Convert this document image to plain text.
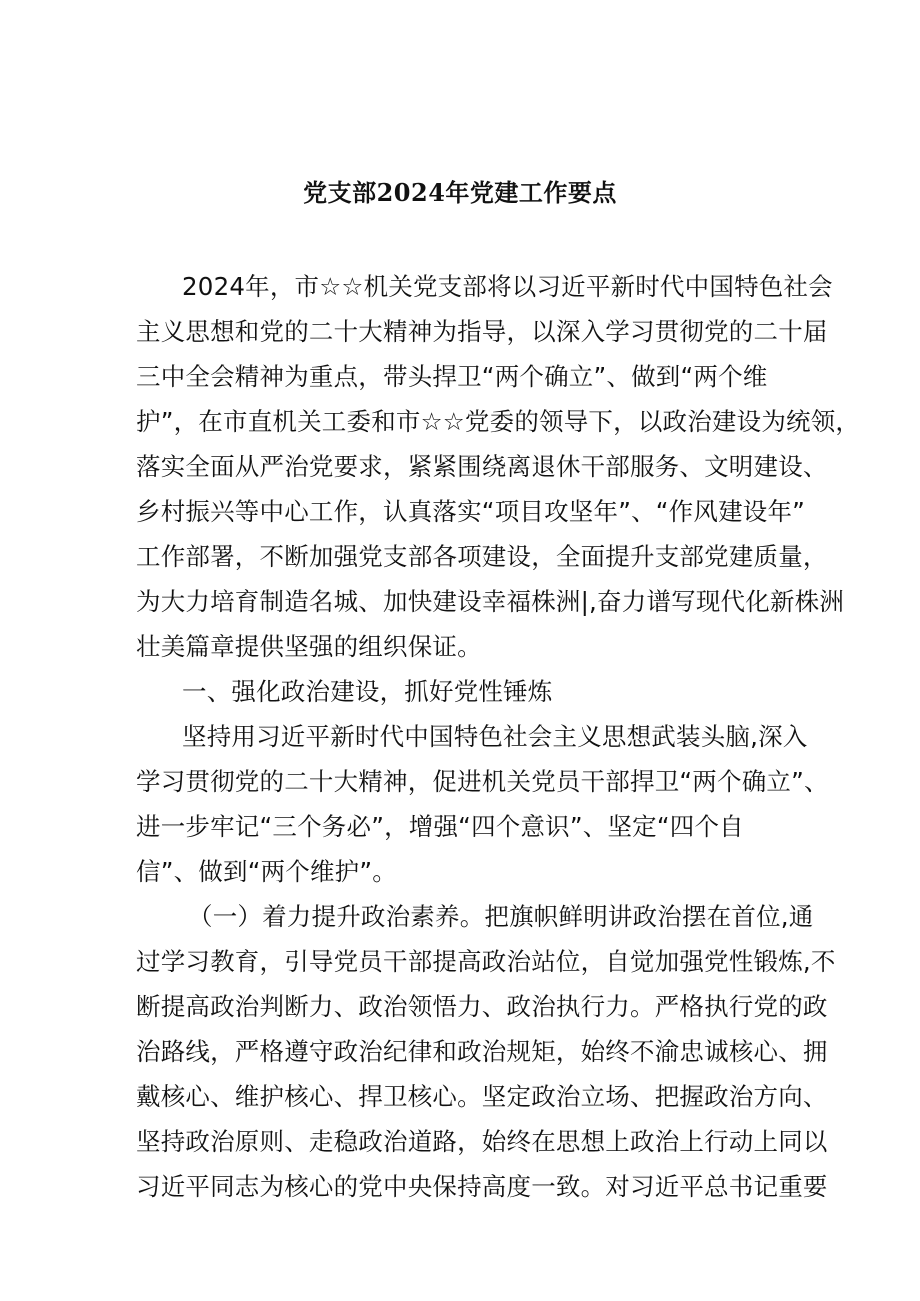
党支部2024年党建工作要点
2024年，市☆☆机关党支部将以习近平新时代中国特色社会
主义思想和党的二十大精神为指导，以深入学习贯彻党的二十届
三中全会精神为重点，带头捍卫“两个确立”、做到“两个维
护”，在市直机关工委和市☆☆党委的领导下，以政治建设为统领，
落实全面从严治党要求，紧紧围绕离退休干部服务、文明建设、
乡村振兴等中心工作，认真落实“项目攻坚年”、“作风建设年”
工作部署，不断加强党支部各项建设，全面提升支部党建质量，
为大力培育制造名城、加快建设幸福株洲|,奋力谱写现代化新株洲
壮美篇章提供坚强的组织保证。
一、强化政治建设，抓好党性锤炼
坚持用习近平新时代中国特色社会主义思想武装头脑,深入
学习贯彻党的二十大精神，促进机关党员干部捍卫“两个确立”、
进一步牢记“三个务必”，增强“四个意识”、坚定“四个自
信”、做到“两个维护”。
（一）着力提升政治素养。把旗帜鲜明讲政治摆在首位,通
过学习教育，引导党员干部提高政治站位，自觉加强党性锻炼,不
断提高政治判断力、政治领悟力、政治执行力。严格执行党的政
治路线，严格遵守政治纪律和政治规矩，始终不渝忠诚核心、拥
戴核心、维护核心、捍卫核心。坚定政治立场、把握政治方向、
坚持政治原则、走稳政治道路，始终在思想上政治上行动上同以
习近平同志为核心的党中央保持高度一致。对习近平总书记重要
